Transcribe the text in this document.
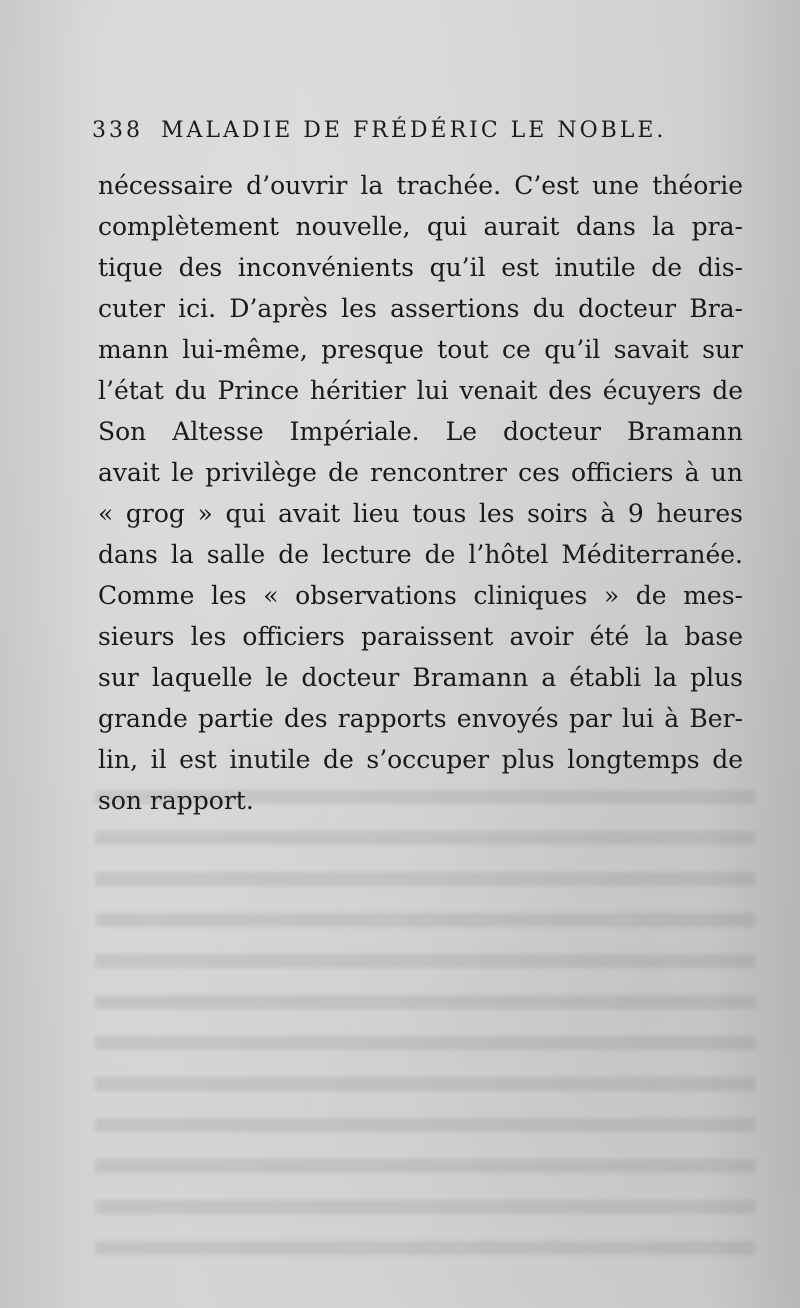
338 MALADIE DE FRÉDÉRIC LE NOBLE.
nécessaire d’ouvrir la trachée. C’est une théorie
complètement nouvelle, qui aurait dans la pra-
tique des inconvénients qu’il est inutile de dis-
cuter ici. D’après les assertions du docteur Bra-
mann lui-même, presque tout ce qu’il savait sur
l’état du Prince héritier lui venait des écuyers de
Son Altesse Impériale. Le docteur Bramann
avait le privilège de rencontrer ces officiers à un
« grog » qui avait lieu tous les soirs à 9 heures
dans la salle de lecture de l’hôtel Méditerranée.
Comme les « observations cliniques » de mes-
sieurs les officiers paraissent avoir été la base
sur laquelle le docteur Bramann a établi la plus
grande partie des rapports envoyés par lui à Ber-
lin, il est inutile de s’occuper plus longtemps de
son rapport.
